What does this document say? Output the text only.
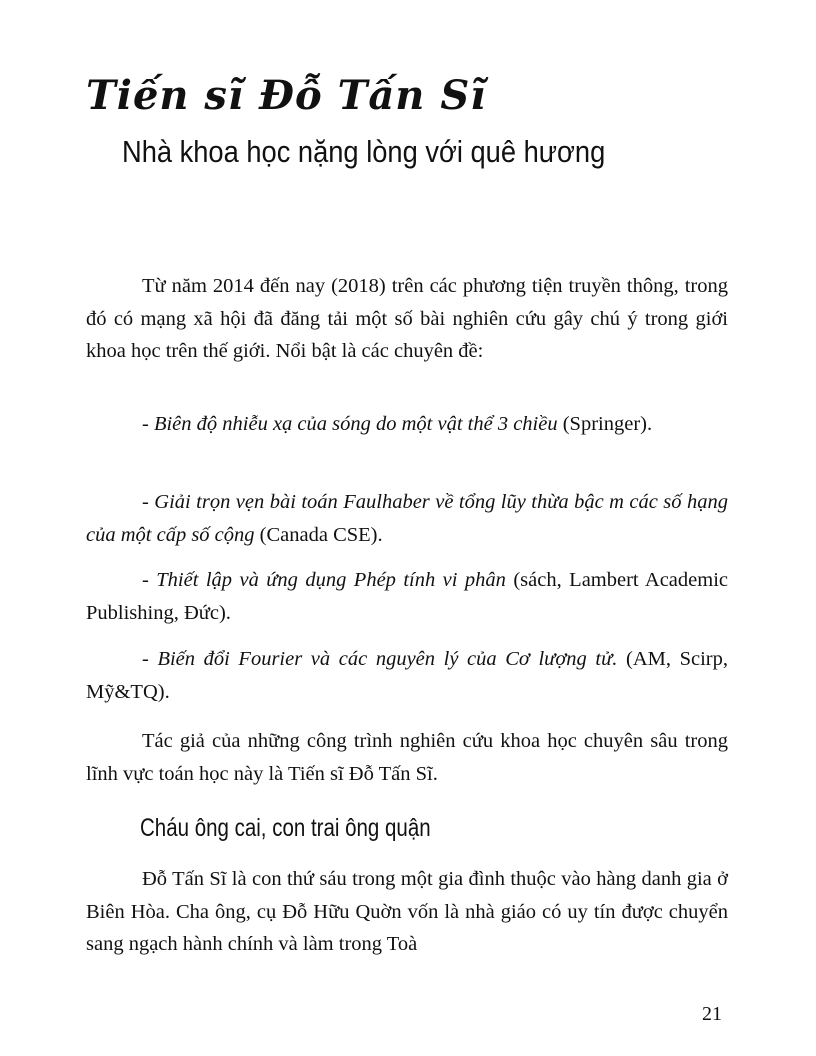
Tiến sĩ Đỗ Tấn Sĩ
Nhà khoa học nặng lòng với quê hương

Từ năm 2014 đến nay (2018) trên các phương tiện truyền thông, trong đó có mạng xã hội đã đăng tải một số bài nghiên cứu gây chú ý trong giới khoa học trên thế giới. Nổi bật là các chuyên đề:

- Biên độ nhiễu xạ của sóng do một vật thể 3 chiều (Springer).

- Giải trọn vẹn bài toán Faulhaber về tổng lũy thừa bậc m các số hạng của một cấp số cộng (Canada CSE).

- Thiết lập và ứng dụng Phép tính vi phân (sách, Lambert Academic Publishing, Đức).

- Biến đổi Fourier và các nguyên lý của Cơ lượng tử. (AM, Scirp, Mỹ&TQ).

Tác giả của những công trình nghiên cứu khoa học chuyên sâu trong lĩnh vực toán học này là Tiến sĩ Đỗ Tấn Sĩ.

Cháu ông cai, con trai ông quận

Đỗ Tấn Sĩ là con thứ sáu trong một gia đình thuộc vào hàng danh gia ở Biên Hòa. Cha ông, cụ Đỗ Hữu Quờn vốn là nhà giáo có uy tín được chuyển sang ngạch hành chính và làm trong Toà

21
